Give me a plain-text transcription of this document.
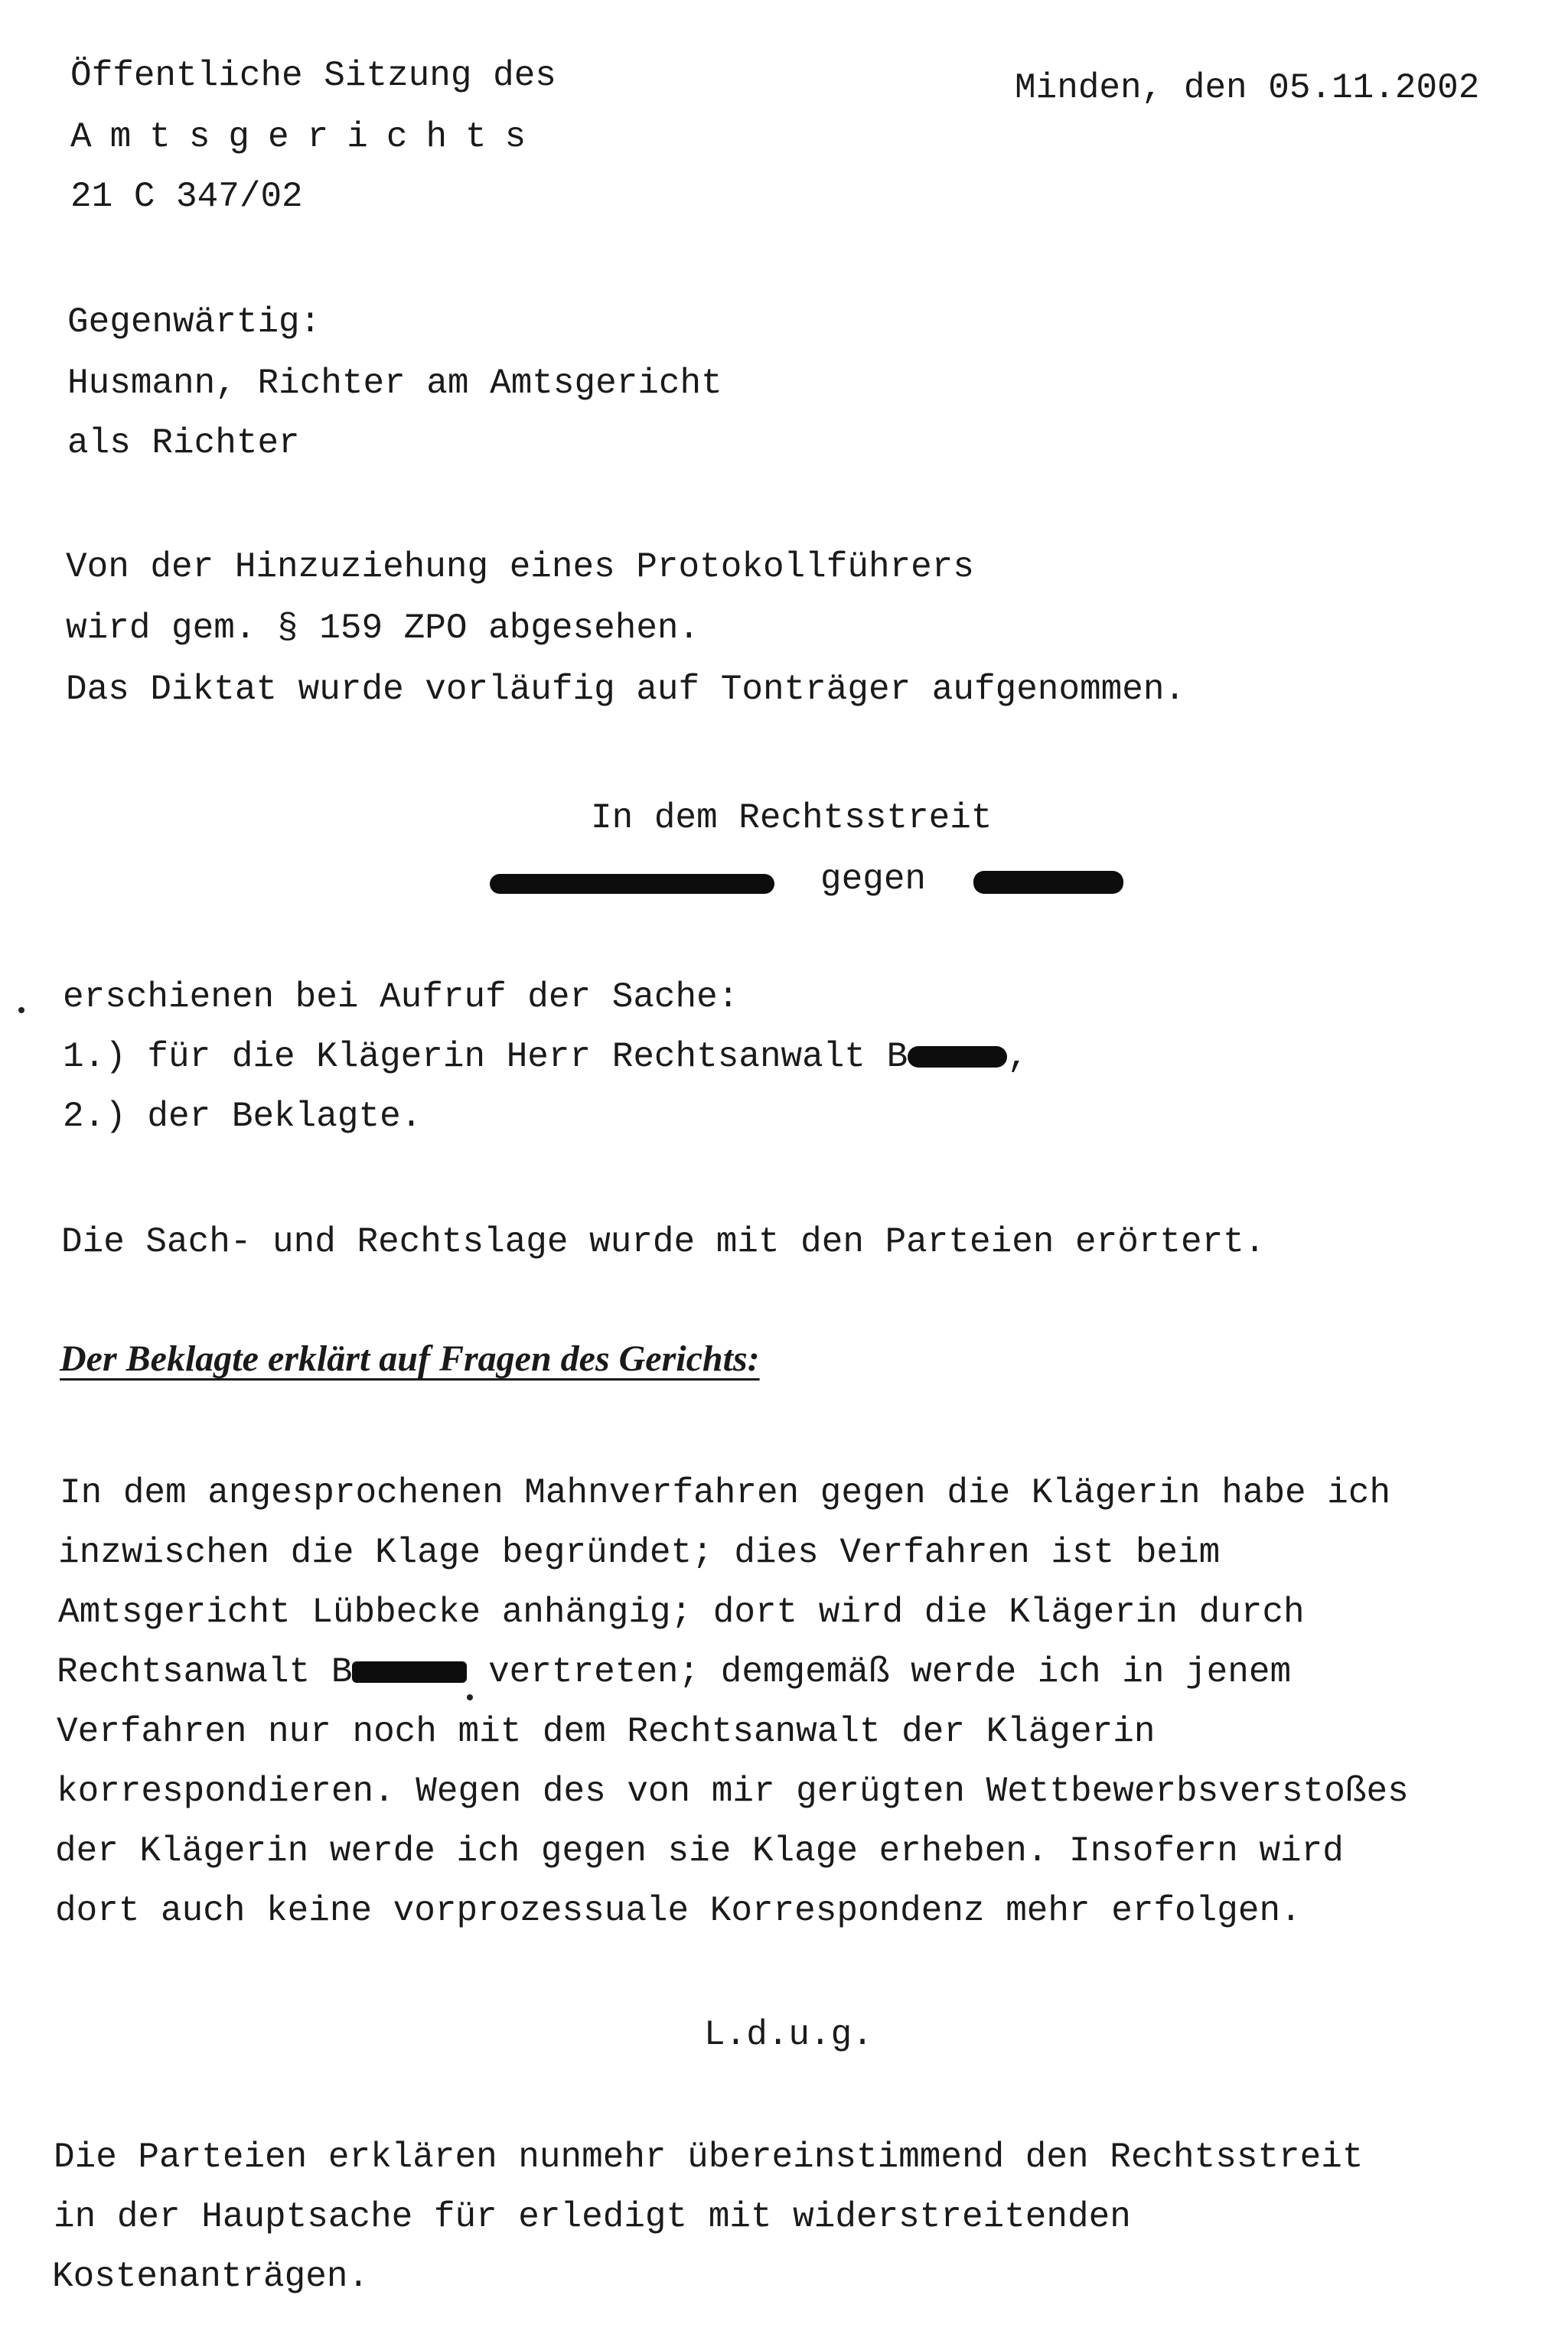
Öffentliche Sitzung des
Amtsgerichts
21 C 347/02
Minden, den 05.11.2002
Gegenwärtig:
Husmann, Richter am Amtsgericht
als Richter
Von der Hinzuziehung eines Protokollführers
wird gem. § 159 ZPO abgesehen.
Das Diktat wurde vorläufig auf Tonträger aufgenommen.
In dem Rechtsstreit
gegen
erschienen bei Aufruf der Sache:
1.) für die Klägerin Herr Rechtsanwalt B	,
2.) der Beklagte.
Die Sach- und Rechtslage wurde mit den Parteien erörtert.
Der Beklagte erklärt auf Fragen des Gerichts:
In dem angesprochenen Mahnverfahren gegen die Klägerin habe ich
inzwischen die Klage begründet; dies Verfahren ist beim
Amtsgericht Lübbecke anhängig; dort wird die Klägerin durch
Rechtsanwalt B	vertreten; demgemäß werde ich in jenem
Verfahren nur noch mit dem Rechtsanwalt der Klägerin
korrespondieren. Wegen des von mir gerügten Wettbewerbsverstoßes
der Klägerin werde ich gegen sie Klage erheben. Insofern wird
dort auch keine vorprozessuale Korrespondenz mehr erfolgen.
L.d.u.g.
Die Parteien erklären nunmehr übereinstimmend den Rechtsstreit
in der Hauptsache für erledigt mit widerstreitenden
Kostenanträgen.
